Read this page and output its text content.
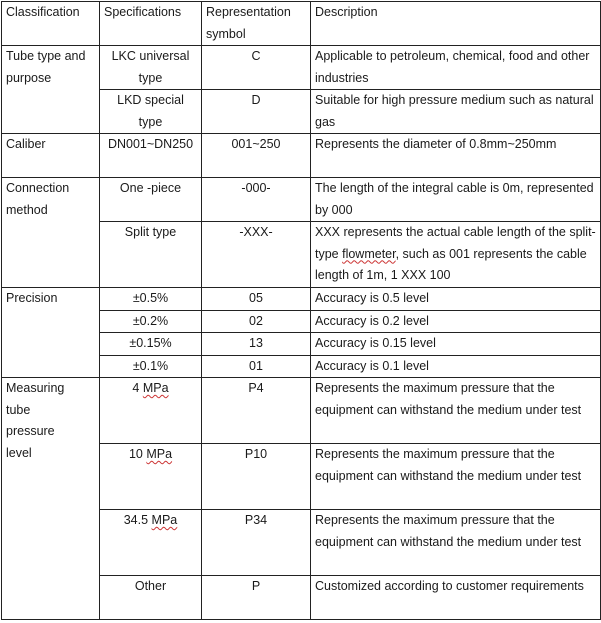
Classification	Specifications	Representation symbol	Description
Tube type and purpose	LKC universal type	C	Applicable to petroleum, chemical, food and other industries
	LKD special type	D	Suitable for high pressure medium such as natural gas
Caliber	DN001~DN250	001~250	Represents the diameter of 0.8mm~250mm
Connection method	One -piece	-000-	The length of the integral cable is 0m, represented by 000
	Split type	-XXX-	XXX represents the actual cable length of the split-type flowmeter, such as 001 represents the cable length of 1m, 1 XXX 100
Precision	±0.5%	05	Accuracy is 0.5 level
	±0.2%	02	Accuracy is 0.2 level
	±0.15%	13	Accuracy is 0.15 level
	±0.1%	01	Accuracy is 0.1 level
Measuring tube pressure level	4 MPa	P4	Represents the maximum pressure that the equipment can withstand the medium under test
	10 MPa	P10	Represents the maximum pressure that the equipment can withstand the medium under test
	34.5 MPa	P34	Represents the maximum pressure that the equipment can withstand the medium under test
	Other	P	Customized according to customer requirements
